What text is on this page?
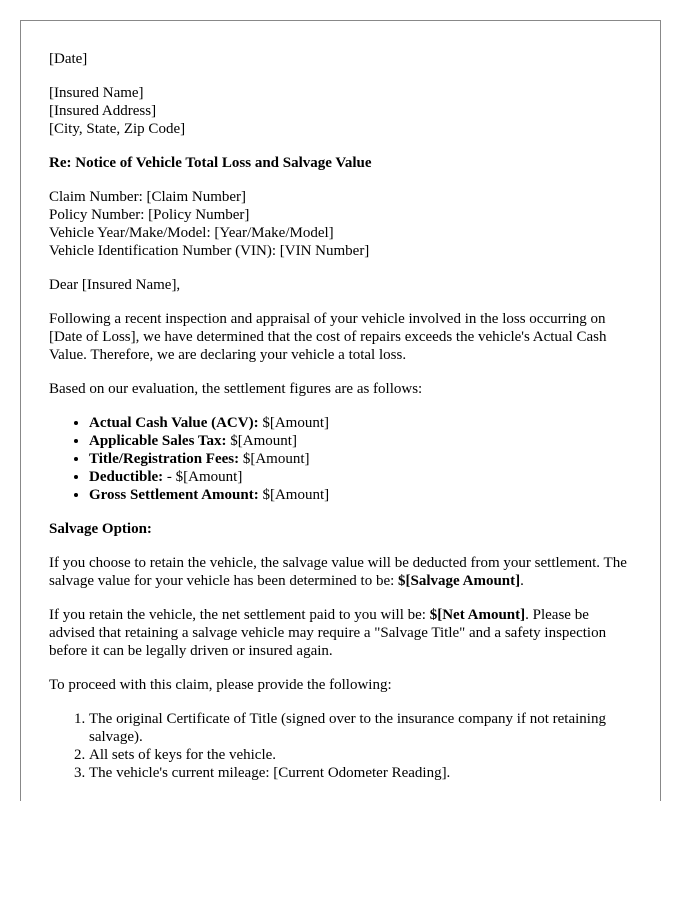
[Date]

[Insured Name]
[Insured Address]
[City, State, Zip Code]

Re: Notice of Vehicle Total Loss and Salvage Value

Claim Number: [Claim Number]
Policy Number: [Policy Number]
Vehicle Year/Make/Model: [Year/Make/Model]
Vehicle Identification Number (VIN): [VIN Number]

Dear [Insured Name],

Following a recent inspection and appraisal of your vehicle involved in the loss occurring on [Date of Loss], we have determined that the cost of repairs exceeds the vehicle's Actual Cash Value. Therefore, we are declaring your vehicle a total loss.

Based on our evaluation, the settlement figures are as follows:

• Actual Cash Value (ACV): $[Amount]
• Applicable Sales Tax: $[Amount]
• Title/Registration Fees: $[Amount]
• Deductible: - $[Amount]
• Gross Settlement Amount: $[Amount]

Salvage Option:

If you choose to retain the vehicle, the salvage value will be deducted from your settlement. The salvage value for your vehicle has been determined to be: $[Salvage Amount].

If you retain the vehicle, the net settlement paid to you will be: $[Net Amount]. Please be advised that retaining a salvage vehicle may require a "Salvage Title" and a safety inspection before it can be legally driven or insured again.

To proceed with this claim, please provide the following:

1. The original Certificate of Title (signed over to the insurance company if not retaining salvage).
2. All sets of keys for the vehicle.
3. The vehicle's current mileage: [Current Odometer Reading].
